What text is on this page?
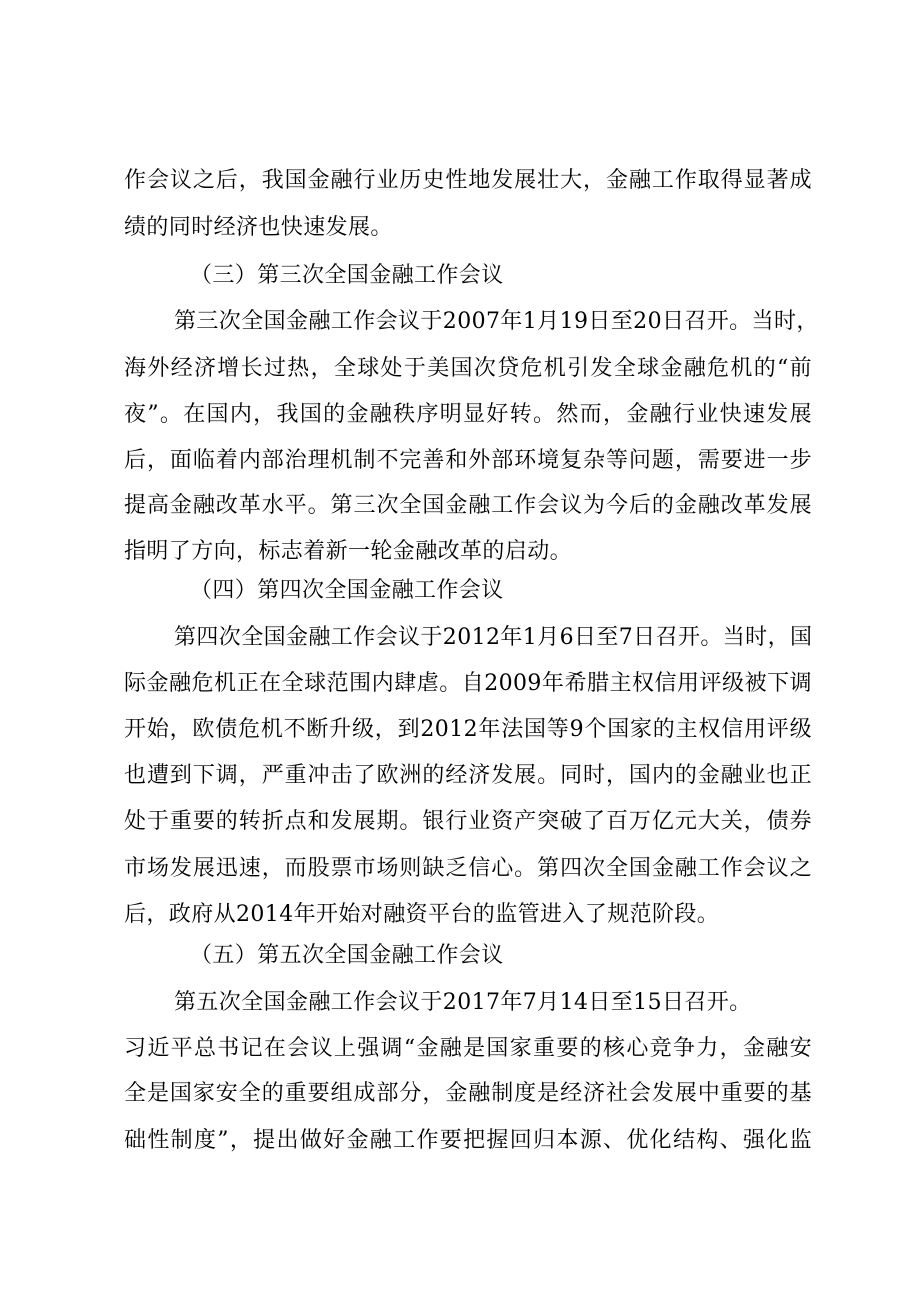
作会议之后，我国金融行业历史性地发展壮大，金融工作取得显著成
绩的同时经济也快速发展。
（三）第三次全国金融工作会议
第三次全国金融工作会议于2007年1月19日至20日召开。当时，
海外经济增长过热，全球处于美国次贷危机引发全球金融危机的“前
夜”。在国内，我国的金融秩序明显好转。然而，金融行业快速发展
后，面临着内部治理机制不完善和外部环境复杂等问题，需要进一步
提高金融改革水平。第三次全国金融工作会议为今后的金融改革发展
指明了方向，标志着新一轮金融改革的启动。
（四）第四次全国金融工作会议
第四次全国金融工作会议于2012年1月6日至7日召开。当时，国
际金融危机正在全球范围内肆虐。自2009年希腊主权信用评级被下调
开始，欧债危机不断升级，到2012年法国等9个国家的主权信用评级
也遭到下调，严重冲击了欧洲的经济发展。同时，国内的金融业也正
处于重要的转折点和发展期。银行业资产突破了百万亿元大关，债券
市场发展迅速，而股票市场则缺乏信心。第四次全国金融工作会议之
后，政府从2014年开始对融资平台的监管进入了规范阶段。
（五）第五次全国金融工作会议
第五次全国金融工作会议于2017年7月14日至15日召开。
习近平总书记在会议上强调“金融是国家重要的核心竞争力，金融安
全是国家安全的重要组成部分，金融制度是经济社会发展中重要的基
础性制度”，提出做好金融工作要把握回归本源、优化结构、强化监
